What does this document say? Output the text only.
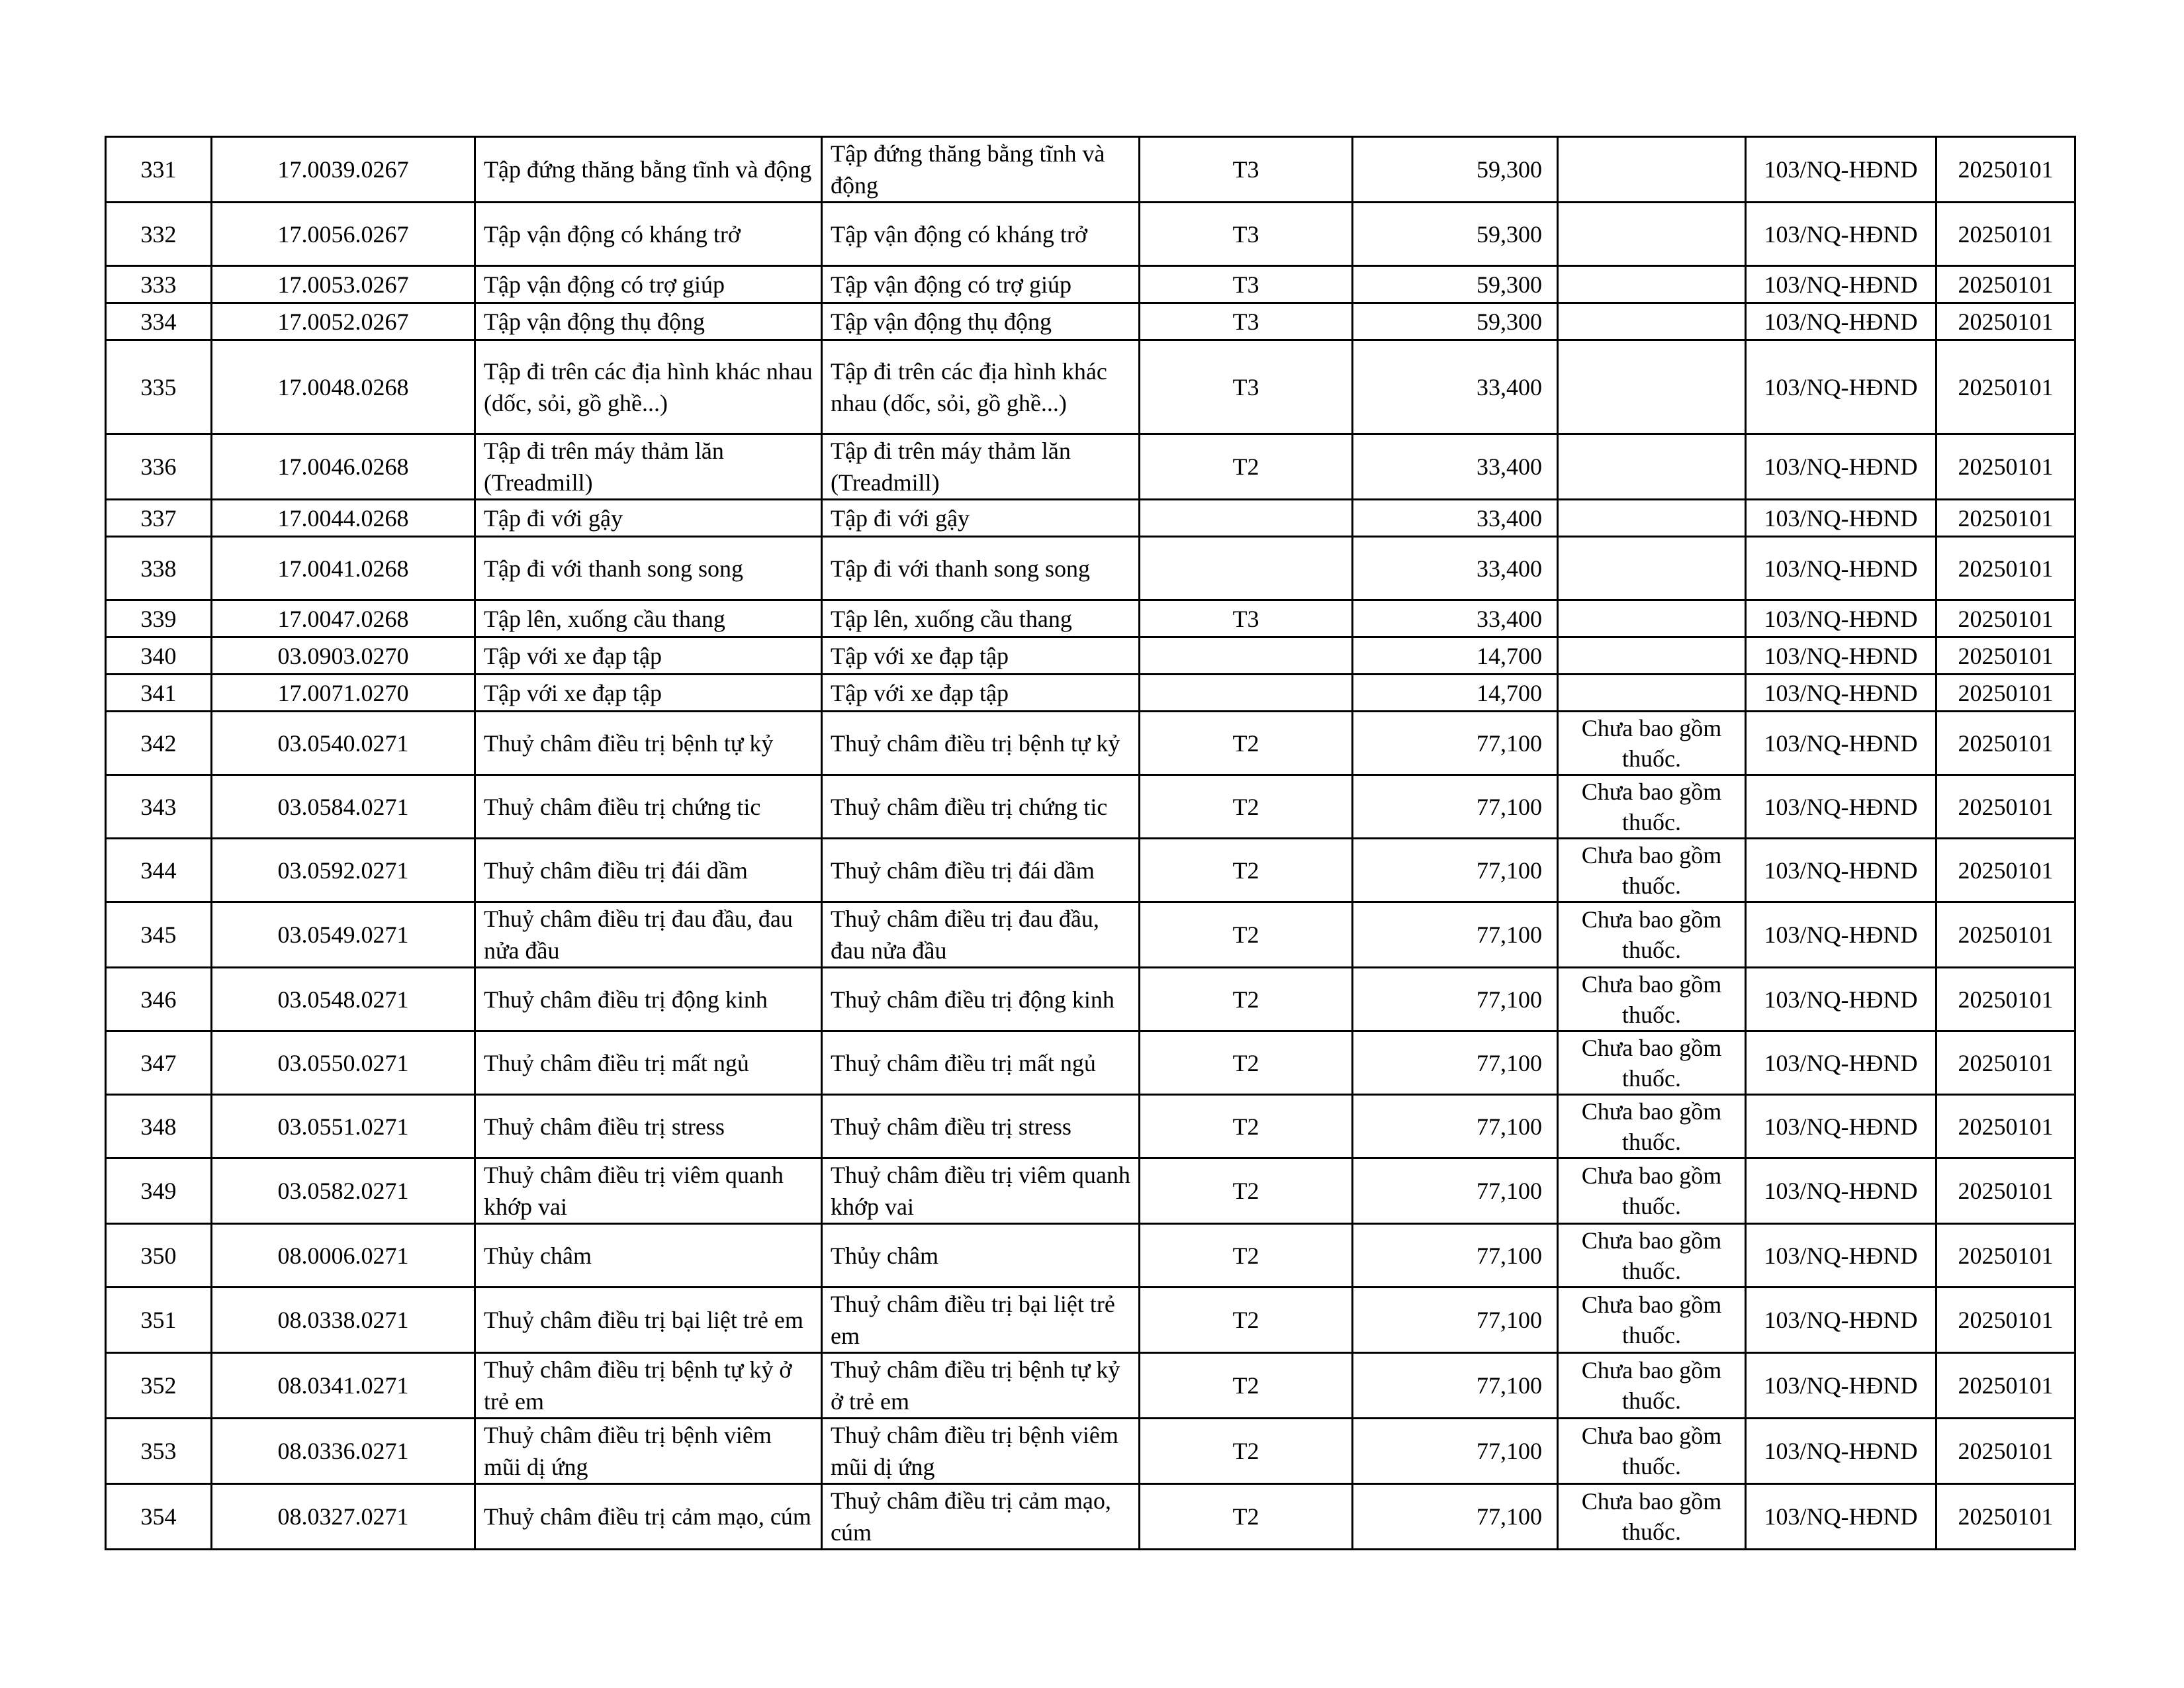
331	17.0039.0267	Tập đứng thăng bằng tĩnh và động	Tập đứng thăng bằng tĩnh và động	T3	59,300		103/NQ-HĐND	20250101
332	17.0056.0267	Tập vận động có kháng trở	Tập vận động có kháng trở	T3	59,300		103/NQ-HĐND	20250101
333	17.0053.0267	Tập vận động có trợ giúp	Tập vận động có trợ giúp	T3	59,300		103/NQ-HĐND	20250101
334	17.0052.0267	Tập vận động thụ động	Tập vận động thụ động	T3	59,300		103/NQ-HĐND	20250101
335	17.0048.0268	Tập đi trên các địa hình khác nhau (dốc, sỏi, gồ ghề...)	Tập đi trên các địa hình khác nhau (dốc, sỏi, gồ ghề...)	T3	33,400		103/NQ-HĐND	20250101
336	17.0046.0268	Tập đi trên máy thảm lăn (Treadmill)	Tập đi trên máy thảm lăn (Treadmill)	T2	33,400		103/NQ-HĐND	20250101
337	17.0044.0268	Tập đi với gậy	Tập đi với gậy		33,400		103/NQ-HĐND	20250101
338	17.0041.0268	Tập đi với thanh song song	Tập đi với thanh song song		33,400		103/NQ-HĐND	20250101
339	17.0047.0268	Tập lên, xuống cầu thang	Tập lên, xuống cầu thang	T3	33,400		103/NQ-HĐND	20250101
340	03.0903.0270	Tập với xe đạp tập	Tập với xe đạp tập		14,700		103/NQ-HĐND	20250101
341	17.0071.0270	Tập với xe đạp tập	Tập với xe đạp tập		14,700		103/NQ-HĐND	20250101
342	03.0540.0271	Thuỷ châm điều trị bệnh tự kỷ	Thuỷ châm điều trị bệnh tự kỷ	T2	77,100	Chưa bao gồm thuốc.	103/NQ-HĐND	20250101
343	03.0584.0271	Thuỷ châm điều trị chứng tic	Thuỷ châm điều trị chứng tic	T2	77,100	Chưa bao gồm thuốc.	103/NQ-HĐND	20250101
344	03.0592.0271	Thuỷ châm điều trị đái dầm	Thuỷ châm điều trị đái dầm	T2	77,100	Chưa bao gồm thuốc.	103/NQ-HĐND	20250101
345	03.0549.0271	Thuỷ châm điều trị đau đầu, đau nửa đầu	Thuỷ châm điều trị đau đầu, đau nửa đầu	T2	77,100	Chưa bao gồm thuốc.	103/NQ-HĐND	20250101
346	03.0548.0271	Thuỷ châm điều trị động kinh	Thuỷ châm điều trị động kinh	T2	77,100	Chưa bao gồm thuốc.	103/NQ-HĐND	20250101
347	03.0550.0271	Thuỷ châm điều trị mất ngủ	Thuỷ châm điều trị mất ngủ	T2	77,100	Chưa bao gồm thuốc.	103/NQ-HĐND	20250101
348	03.0551.0271	Thuỷ châm điều trị stress	Thuỷ châm điều trị stress	T2	77,100	Chưa bao gồm thuốc.	103/NQ-HĐND	20250101
349	03.0582.0271	Thuỷ châm điều trị viêm quanh khớp vai	Thuỷ châm điều trị viêm quanh khớp vai	T2	77,100	Chưa bao gồm thuốc.	103/NQ-HĐND	20250101
350	08.0006.0271	Thủy châm	Thủy châm	T2	77,100	Chưa bao gồm thuốc.	103/NQ-HĐND	20250101
351	08.0338.0271	Thuỷ châm điều trị bại liệt trẻ em	Thuỷ châm điều trị bại liệt trẻ em	T2	77,100	Chưa bao gồm thuốc.	103/NQ-HĐND	20250101
352	08.0341.0271	Thuỷ châm điều trị bệnh tự kỷ ở trẻ em	Thuỷ châm điều trị bệnh tự kỷ ở trẻ em	T2	77,100	Chưa bao gồm thuốc.	103/NQ-HĐND	20250101
353	08.0336.0271	Thuỷ châm điều trị bệnh viêm mũi dị ứng	Thuỷ châm điều trị bệnh viêm mũi dị ứng	T2	77,100	Chưa bao gồm thuốc.	103/NQ-HĐND	20250101
354	08.0327.0271	Thuỷ châm điều trị cảm mạo, cúm	Thuỷ châm điều trị cảm mạo, cúm	T2	77,100	Chưa bao gồm thuốc.	103/NQ-HĐND	20250101
